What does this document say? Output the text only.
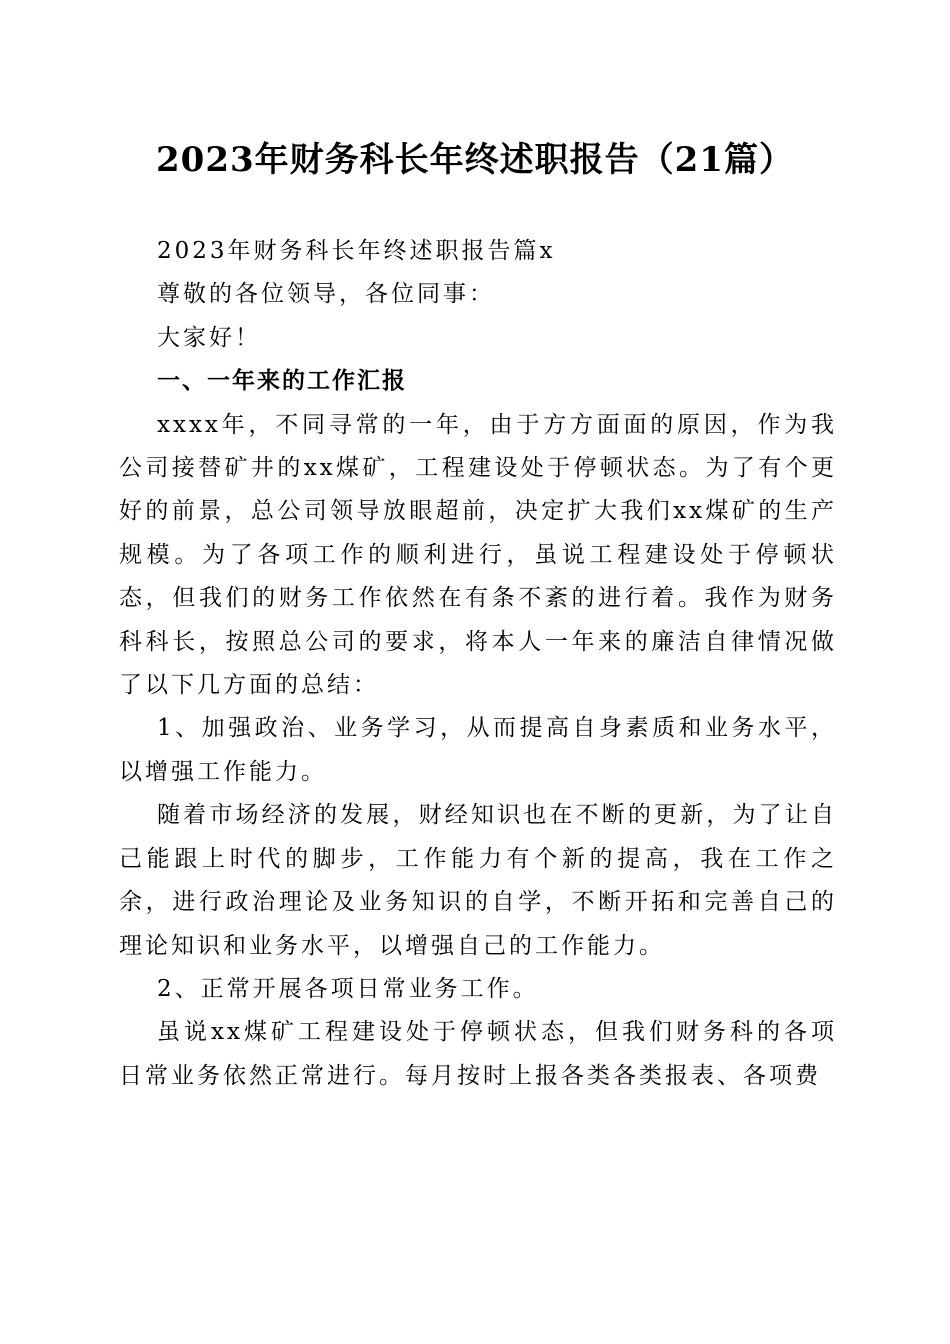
2023年财务科长年终述职报告（21篇）

2023年财务科长年终述职报告篇x

尊敬的各位领导，各位同事：

大家好！

一、一年来的工作汇报

xxxx年，不同寻常的一年，由于方方面面的原因，作为我公司接替矿井的xx煤矿，工程建设处于停顿状态。为了有个更好的前景，总公司领导放眼超前，决定扩大我们xx煤矿的生产规模。为了各项工作的顺利进行，虽说工程建设处于停顿状态，但我们的财务工作依然在有条不紊的进行着。我作为财务科科长，按照总公司的要求，将本人一年来的廉洁自律情况做了以下几方面的总结：

1、加强政治、业务学习，从而提高自身素质和业务水平，以增强工作能力。

随着市场经济的发展，财经知识也在不断的更新，为了让自己能跟上时代的脚步，工作能力有个新的提高，我在工作之余，进行政治理论及业务知识的自学，不断开拓和完善自己的理论知识和业务水平，以增强自己的工作能力。

2、正常开展各项日常业务工作。

虽说xx煤矿工程建设处于停顿状态，但我们财务科的各项日常业务依然正常进行。每月按时上报各类各类报表、各项费
